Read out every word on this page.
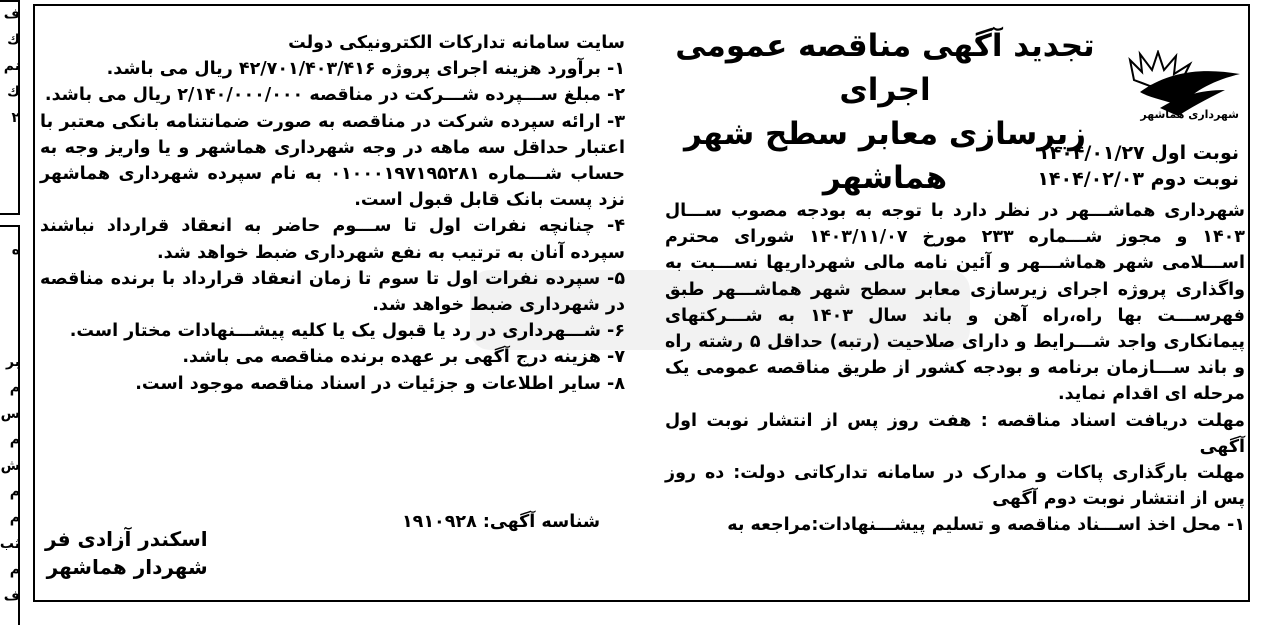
ف
ك
نم
ك
۲
ه
بر
م
س
م
ش
م
م
ثب
م
ف
شهرداری هماشهر
تجدید آگهی مناقصه عمومی اجرای
زیرسازی معابر سطح شهر هماشهر
نوبت اول ۱۴۰۴/۰۱/۲۷
نوبت دوم ۱۴۰۴/۰۲/۰۳

شهرداری هماشـــهر در نظر دارد با توجه به بودجه مصوب ســـال ۱۴۰۳ و مجوز شـــماره ۲۳۳ مورخ ۱۴۰۳/۱۱/۰۷ شورای محترم اســـلامی شهر هماشـــهر و آئین نامه مالی شهرداریها نســـبت به واگذاری پروژه اجرای زیرسازی معابر سطح شهر هماشـــهر طبق فهرســـت بها راه،راه آهن و باند سال ۱۴۰۳ به شـــرکتهای پیمانکاری واجد شـــرایط و دارای صلاحیت (رتبه) حداقل ۵ رشته راه و باند ســـازمان برنامه و بودجه کشور از طریق مناقصه عمومی یک مرحله ای اقدام نماید.

مهلت دریافت اسناد مناقصه : هفت روز پس از انتشار نوبت اول آگهی

مهلت بارگذاری پاکات و مدارک در سامانه تدارکاتی دولت: ده روز پس از انتشار نوبت دوم آگهی

۱- محل اخذ اســـناد مناقصه و تسلیم پیشـــنهادات:مراجعه به

سایت سامانه تدارکات الکترونیکی دولت

۱- برآورد هزینه اجرای پروژه ۴۲/۷۰۱/۴۰۳/۴۱۶ ریال می باشد.

۲- مبلغ ســـپرده شـــرکت در مناقصه ۲/۱۴۰/۰۰۰/۰۰۰ ریال می باشد.

۳- ارائه سپرده شرکت در مناقصه به صورت ضمانتنامه بانکی معتبر با اعتبار حداقل سه ماهه در وجه شهرداری هماشهر و یا واریز وجه به حساب شـــماره ۰۱۰۰۰۱۹۷۱۹۵۲۸۱ به نام سپرده شهرداری هماشهر نزد پست بانک قابل قبول است.

۴- چنانچه نفرات اول تا ســـوم حاضر به انعقاد قرارداد نباشند سپرده آنان به ترتیب به نفع شهرداری ضبط خواهد شد.

۵- سپرده نفرات اول تا سوم تا زمان انعقاد قرارداد با برنده مناقصه در شهرداری ضبط خواهد شد.

۶- شـــهرداری در رد یا قبول یک یا کلیه پیشـــنهادات مختار است.

۷- هزینه درج آگهی بر عهده برنده مناقصه می باشد.

۸- سایر اطلاعات و جزئیات در اسناد مناقصه موجود است.

شناسه آگهی: ۱۹۱۰۹۲۸
اسکندر آزادی فر
شهردار هماشهر
